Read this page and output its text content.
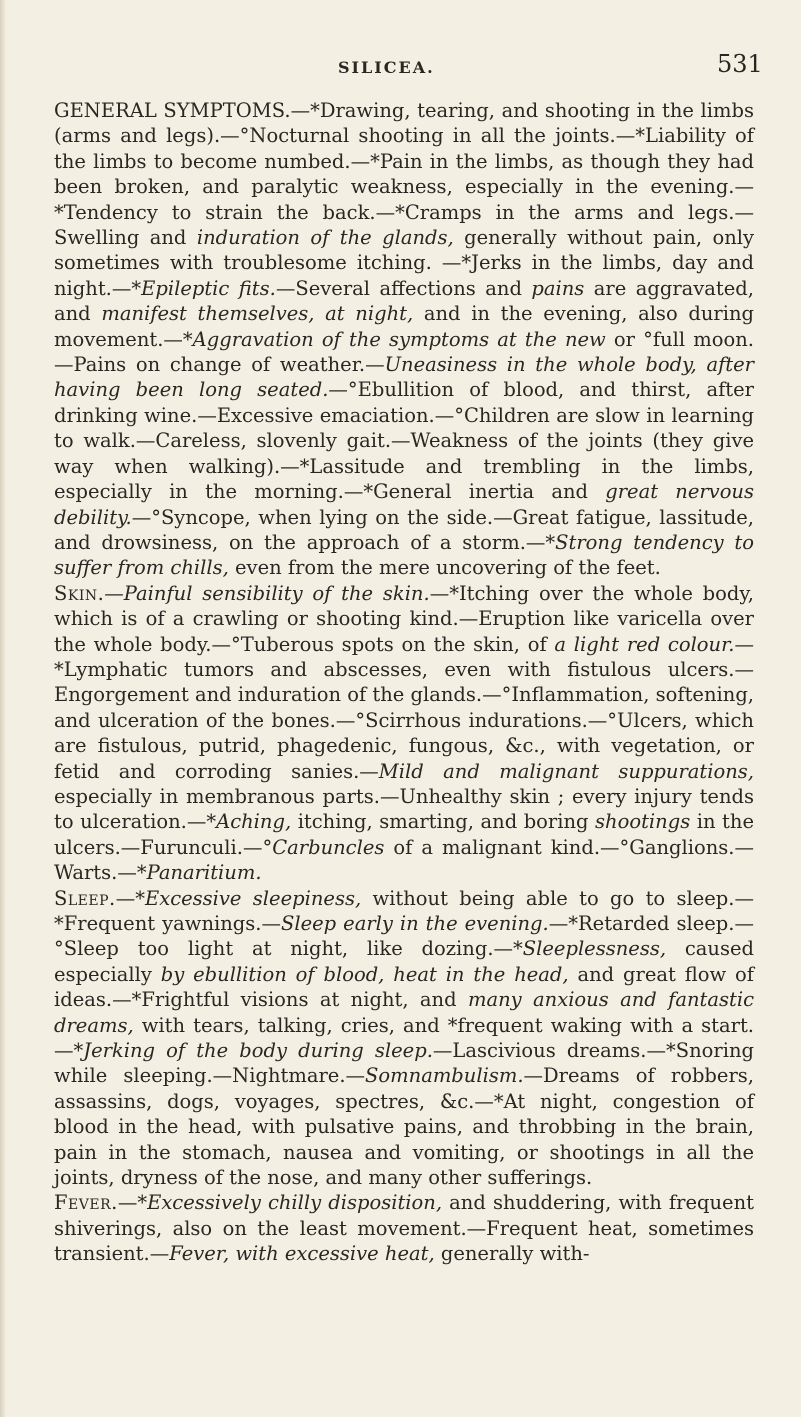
SILICEA.	531

GENERAL SYMPTOMS.—*Drawing, tearing, and shooting in the limbs (arms and legs).—°Nocturnal shooting in all the joints.—*Liability of the limbs to become numbed.—*Pain in the limbs, as though they had been broken, and paralytic weakness, especially in the evening.—*Tendency to strain the back.—*Cramps in the arms and legs.—Swelling and induration of the glands, generally without pain, only sometimes with troublesome itching. —*Jerks in the limbs, day and night.—*Epileptic fits.—Several affections and pains are aggravated, and manifest themselves, at night, and in the evening, also during movement.—*Aggravation of the symptoms at the new or °full moon.—Pains on change of weather.—Uneasiness in the whole body, after having been long seated.—°Ebullition of blood, and thirst, after drinking wine.—Excessive emaciation.—°Children are slow in learning to walk.—Careless, slovenly gait.—Weakness of the joints (they give way when walking).—*Lassitude and trembling in the limbs, especially in the morning.—*General inertia and great nervous debility.—°Syncope, when lying on the side.—Great fatigue, lassitude, and drowsiness, on the approach of a storm.—*Strong tendency to suffer from chills, even from the mere uncovering of the feet.

Skin.—Painful sensibility of the skin.—*Itching over the whole body, which is of a crawling or shooting kind.—Eruption like varicella over the whole body.—°Tuberous spots on the skin, of a light red colour.—*Lymphatic tumors and abscesses, even with fistulous ulcers.—Engorgement and induration of the glands.—°Inflammation, softening, and ulceration of the bones.—°Scirrhous indurations.—°Ulcers, which are fistulous, putrid, phagedenic, fungous, &c., with vegetation, or fetid and corroding sanies.—Mild and malignant suppurations, especially in membranous parts.—Unhealthy skin ; every injury tends to ulceration.—*Aching, itching, smarting, and boring shootings in the ulcers.—Furunculi.—°Carbuncles of a malignant kind.—°Ganglions.—Warts.—*Panaritium.

Sleep.—*Excessive sleepiness, without being able to go to sleep.—*Frequent yawnings.—Sleep early in the evening.—*Retarded sleep.—°Sleep too light at night, like dozing.—*Sleeplessness, caused especially by ebullition of blood, heat in the head, and great flow of ideas.—*Frightful visions at night, and many anxious and fantastic dreams, with tears, talking, cries, and *frequent waking with a start.—*Jerking of the body during sleep.—Lascivious dreams.—*Snoring while sleeping.—Nightmare.—Somnambulism.—Dreams of robbers, assassins, dogs, voyages, spectres, &c.—*At night, congestion of blood in the head, with pulsative pains, and throbbing in the brain, pain in the stomach, nausea and vomiting, or shootings in all the joints, dryness of the nose, and many other sufferings.

Fever.—*Excessively chilly disposition, and shuddering, with frequent shiverings, also on the least movement.—Frequent heat, sometimes transient.—Fever, with excessive heat, generally with-
